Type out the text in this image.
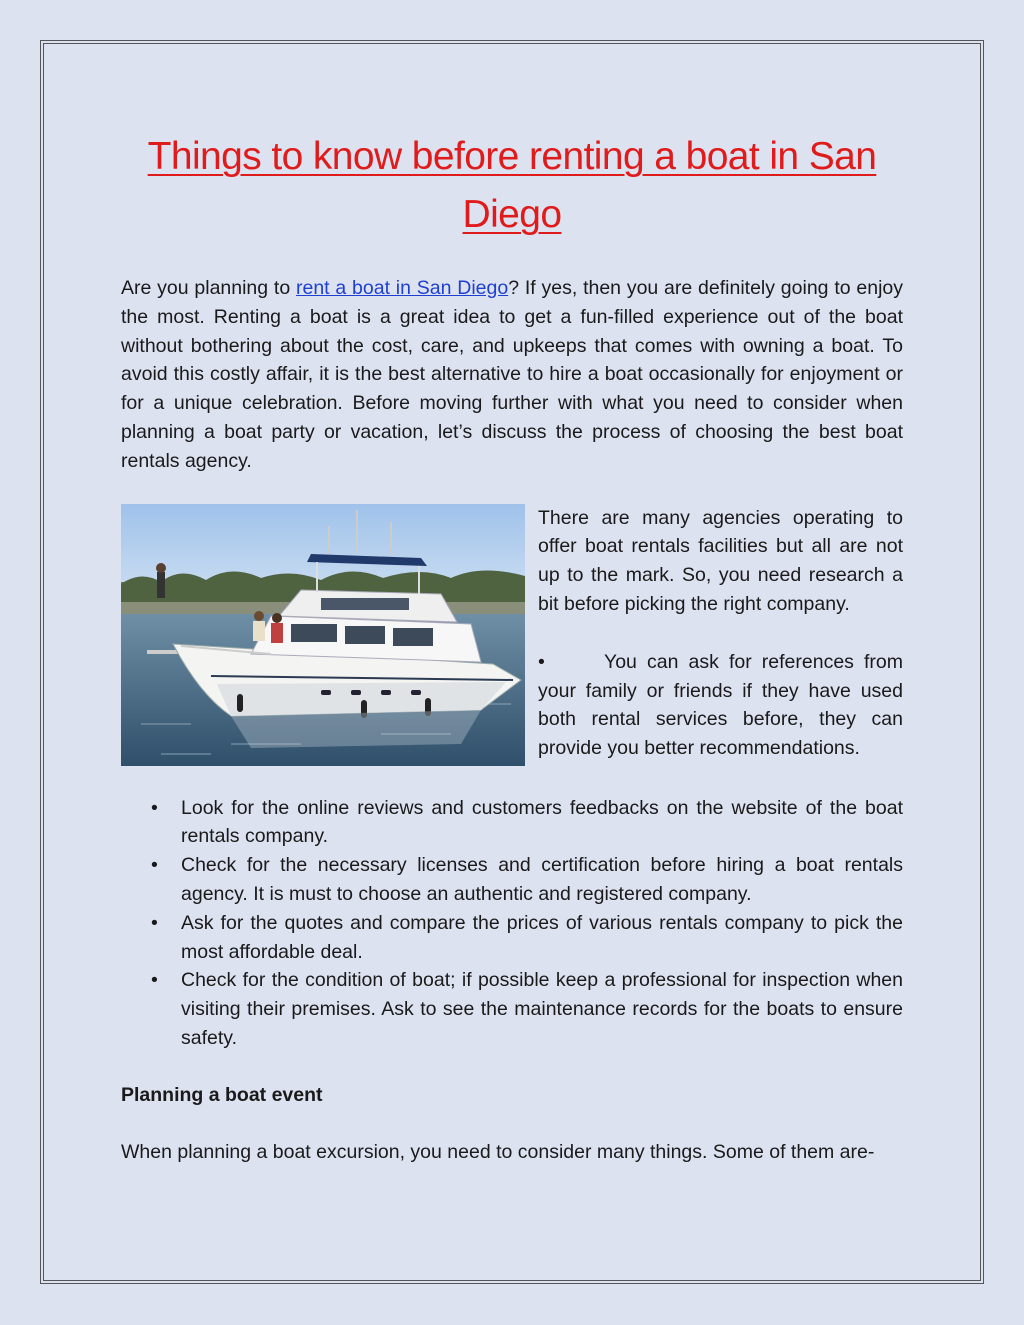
Things to know before renting a boat in San Diego

Are you planning to rent a boat in San Diego? If yes, then you are definitely going to enjoy the most. Renting a boat is a great idea to get a fun-filled experience out of the boat without bothering about the cost, care, and upkeeps that comes with owning a boat. To avoid this costly affair, it is the best alternative to hire a boat occasionally for enjoyment or for a unique celebration. Before moving further with what you need to consider when planning a boat party or vacation, let’s discuss the process of choosing the best boat rentals agency.

There are many agencies operating to offer boat rentals facilities but all are not up to the mark. So, you need research a bit before picking the right company.

•	You can ask for references from your family or friends if they have used both rental services before, they can provide you better recommendations.

• Look for the online reviews and customers feedbacks on the website of the boat rentals company.
• Check for the necessary licenses and certification before hiring a boat rentals agency. It is must to choose an authentic and registered company.
• Ask for the quotes and compare the prices of various rentals company to pick the most affordable deal.
• Check for the condition of boat; if possible keep a professional for inspection when visiting their premises. Ask to see the maintenance records for the boats to ensure safety.

Planning a boat event

When planning a boat excursion, you need to consider many things. Some of them are-
